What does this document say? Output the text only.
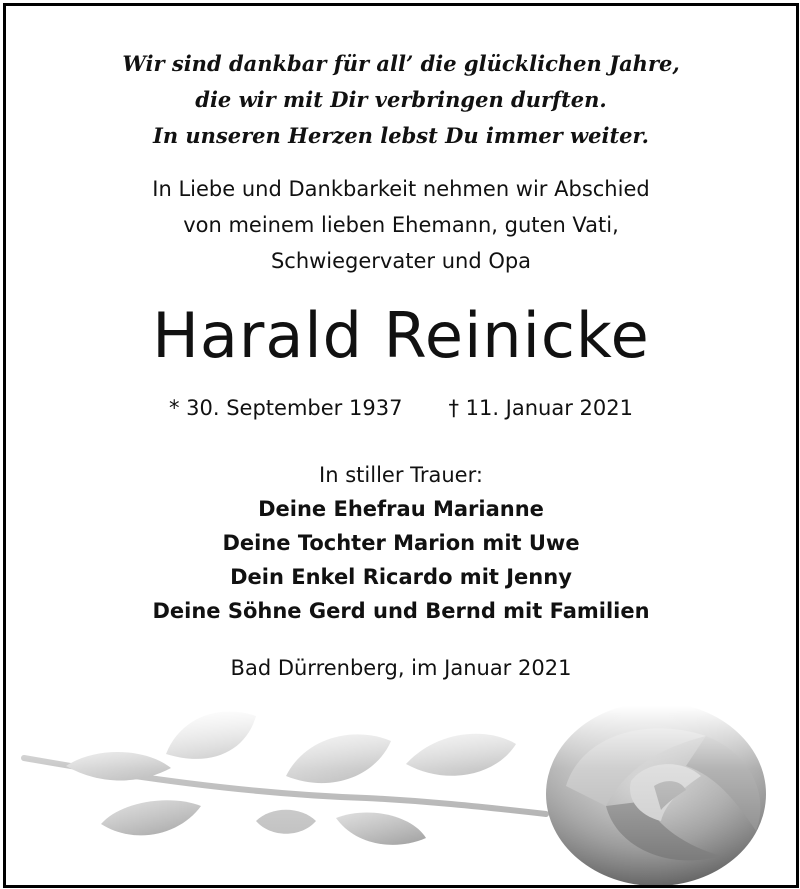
Wir sind dankbar für all’ die glücklichen Jahre,
die wir mit Dir verbringen durften.
In unseren Herzen lebst Du immer weiter.
In Liebe und Dankbarkeit nehmen wir Abschied
von meinem lieben Ehemann, guten Vati,
Schwiegervater und Opa
Harald Reinicke
* 30. September 1937 † 11. Januar 2021
In stiller Trauer:
Deine Ehefrau Marianne
Deine Tochter Marion mit Uwe
Dein Enkel Ricardo mit Jenny
Deine Söhne Gerd und Bernd mit Familien
Bad Dürrenberg, im Januar 2021
